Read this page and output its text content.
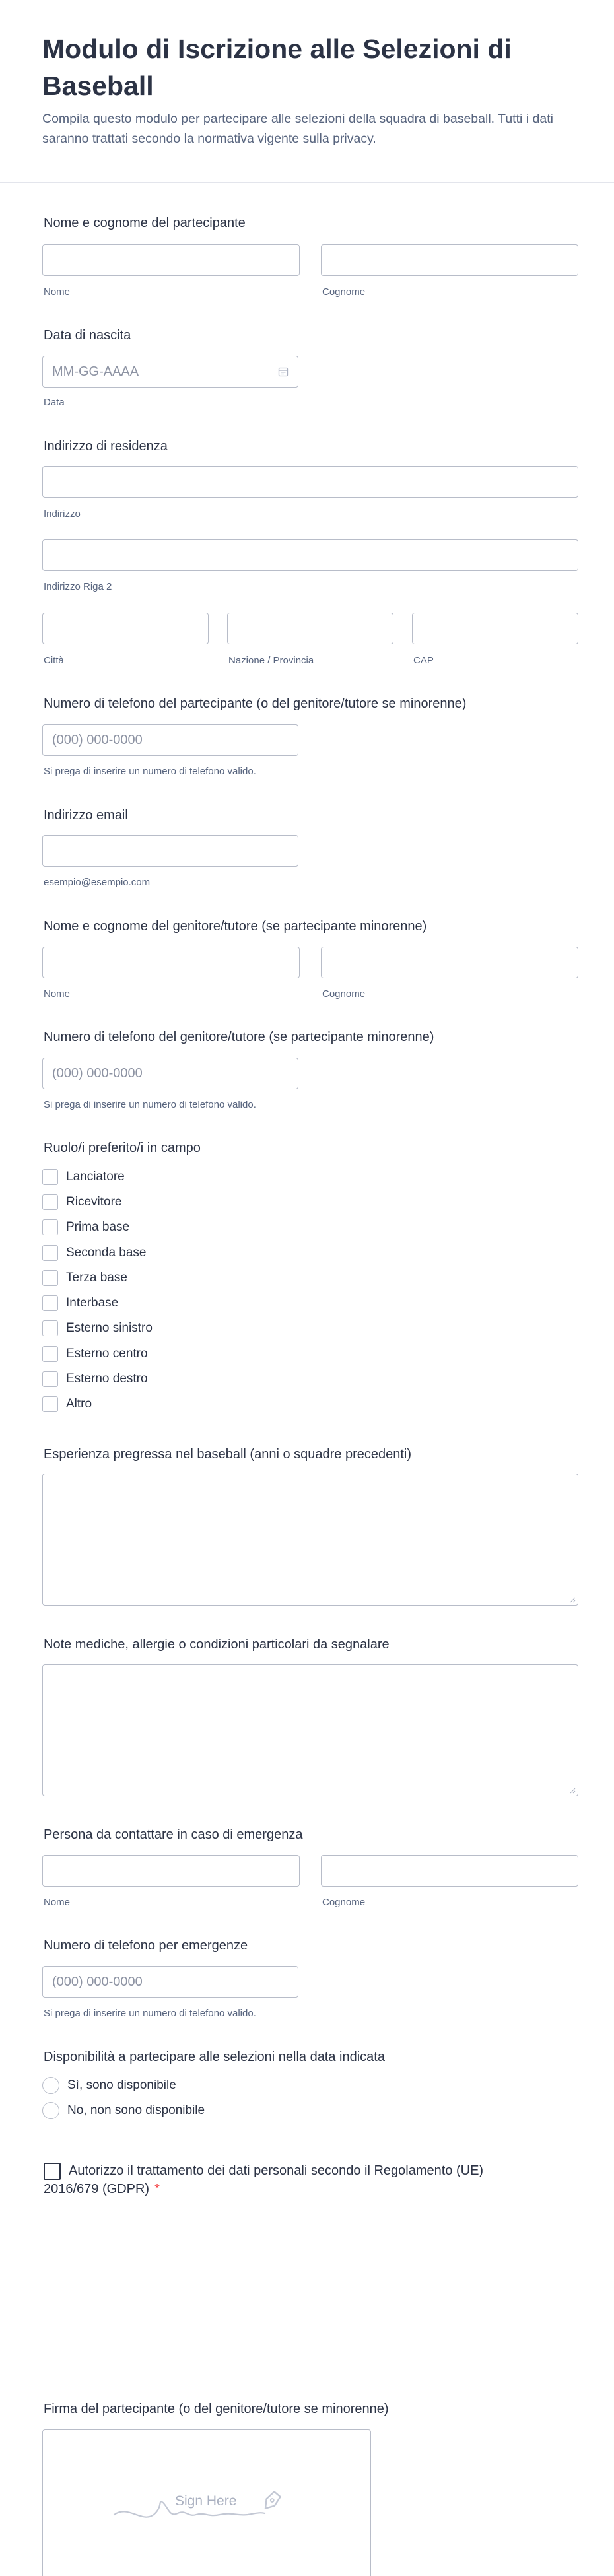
Modulo di Iscrizione alle Selezioni di Baseball
Compila questo modulo per partecipare alle selezioni della squadra di baseball. Tutti i dati saranno trattati secondo la normativa vigente sulla privacy.
Nome e cognome del partecipante
Nome	Cognome
Data di nascita
MM-GG-AAAA
Data
Indirizzo di residenza
Indirizzo
Indirizzo Riga 2
Città	Nazione / Provincia	CAP
Numero di telefono del partecipante (o del genitore/tutore se minorenne)
(000) 000-0000
Si prega di inserire un numero di telefono valido.
Indirizzo email
esempio@esempio.com
Nome e cognome del genitore/tutore (se partecipante minorenne)
Nome	Cognome
Numero di telefono del genitore/tutore (se partecipante minorenne)
(000) 000-0000
Si prega di inserire un numero di telefono valido.
Ruolo/i preferito/i in campo
Lanciatore
Ricevitore
Prima base
Seconda base
Terza base
Interbase
Esterno sinistro
Esterno centro
Esterno destro
Altro
Esperienza pregressa nel baseball (anni o squadre precedenti)
Note mediche, allergie o condizioni particolari da segnalare
Persona da contattare in caso di emergenza
Nome	Cognome
Numero di telefono per emergenze
(000) 000-0000
Si prega di inserire un numero di telefono valido.
Disponibilità a partecipare alle selezioni nella data indicata
Sì, sono disponibile
No, non sono disponibile
Autorizzo il trattamento dei dati personali secondo il Regolamento (UE) 2016/679 (GDPR) *
Firma del partecipante (o del genitore/tutore se minorenne)
Sign Here
